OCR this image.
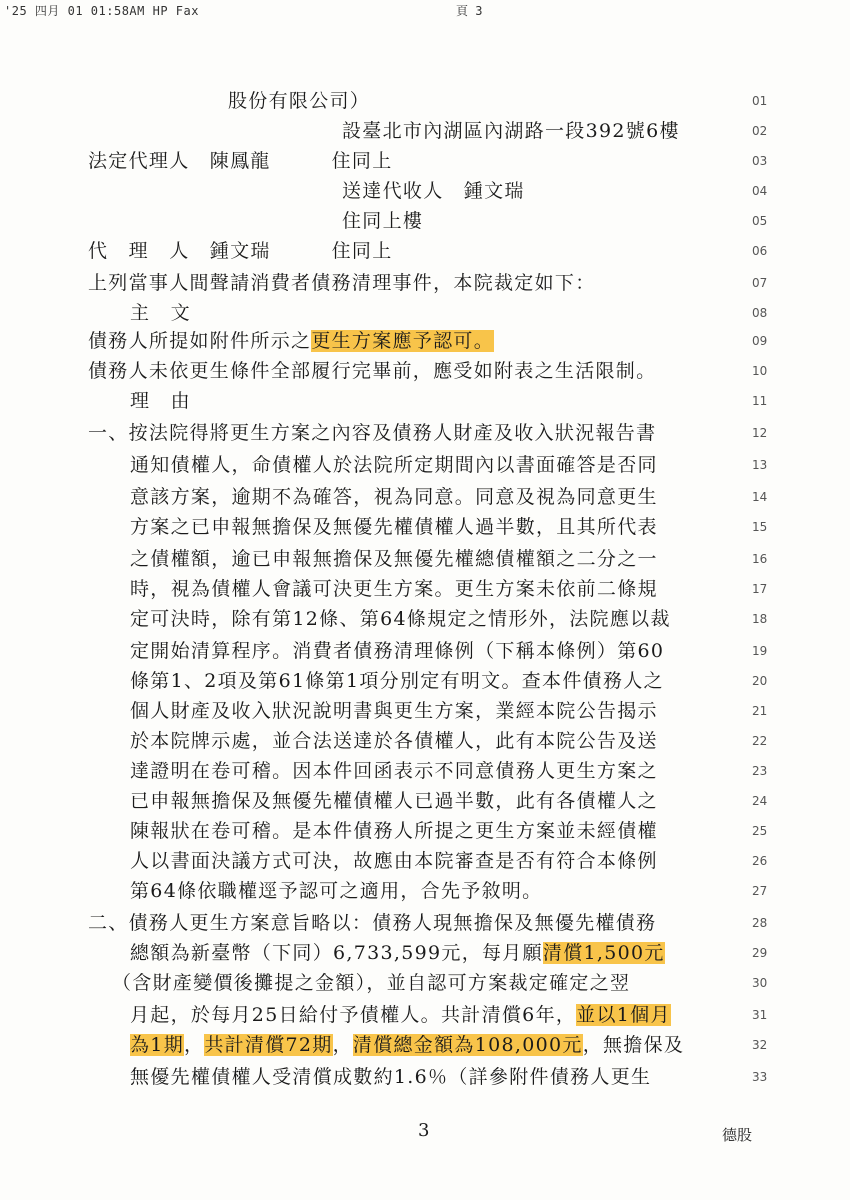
'25 四月 01 01:58AM HP Fax	頁 3
股份有限公司）	01
設臺北市內湖區內湖路一段392號6樓	02
法定代理人　陳鳳龍　　　住同上	03
送達代收人　鍾文瑞	04
住同上樓	05
代　理　人　鍾文瑞　　　住同上	06
上列當事人間聲請消費者債務清理事件，本院裁定如下：	07
主　文	08
債務人所提如附件所示之更生方案應予認可。	09
債務人未依更生條件全部履行完畢前，應受如附表之生活限制。	10
理　由	11
一、按法院得將更生方案之內容及債務人財產及收入狀況報告書	12
通知債權人，命債權人於法院所定期間內以書面確答是否同	13
意該方案，逾期不為確答，視為同意。同意及視為同意更生	14
方案之已申報無擔保及無優先權債權人過半數，且其所代表	15
之債權額，逾已申報無擔保及無優先權總債權額之二分之一	16
時，視為債權人會議可決更生方案。更生方案未依前二條規	17
定可決時，除有第12條、第64條規定之情形外，法院應以裁	18
定開始清算程序。消費者債務清理條例（下稱本條例）第60	19
條第1、2項及第61條第1項分別定有明文。查本件債務人之	20
個人財產及收入狀況說明書與更生方案，業經本院公告揭示	21
於本院牌示處，並合法送達於各債權人，此有本院公告及送	22
達證明在卷可稽。因本件回函表示不同意債務人更生方案之	23
已申報無擔保及無優先權債權人已過半數，此有各債權人之	24
陳報狀在卷可稽。是本件債務人所提之更生方案並未經債權	25
人以書面決議方式可決，故應由本院審查是否有符合本條例	26
第64條依職權逕予認可之適用，合先予敘明。	27
二、債務人更生方案意旨略以：債務人現無擔保及無優先權債務	28
總額為新臺幣（下同）6,733,599元，每月願清償1,500元	29
（含財產變價後攤提之金額），並自認可方案裁定確定之翌	30
月起，於每月25日給付予債權人。共計清償6年，並以1個月	31
為1期，共計清償72期，清償總金額為108,000元，無擔保及	32
無優先權債權人受清償成數約1.6％（詳參附件債務人更生	33
3	德股
